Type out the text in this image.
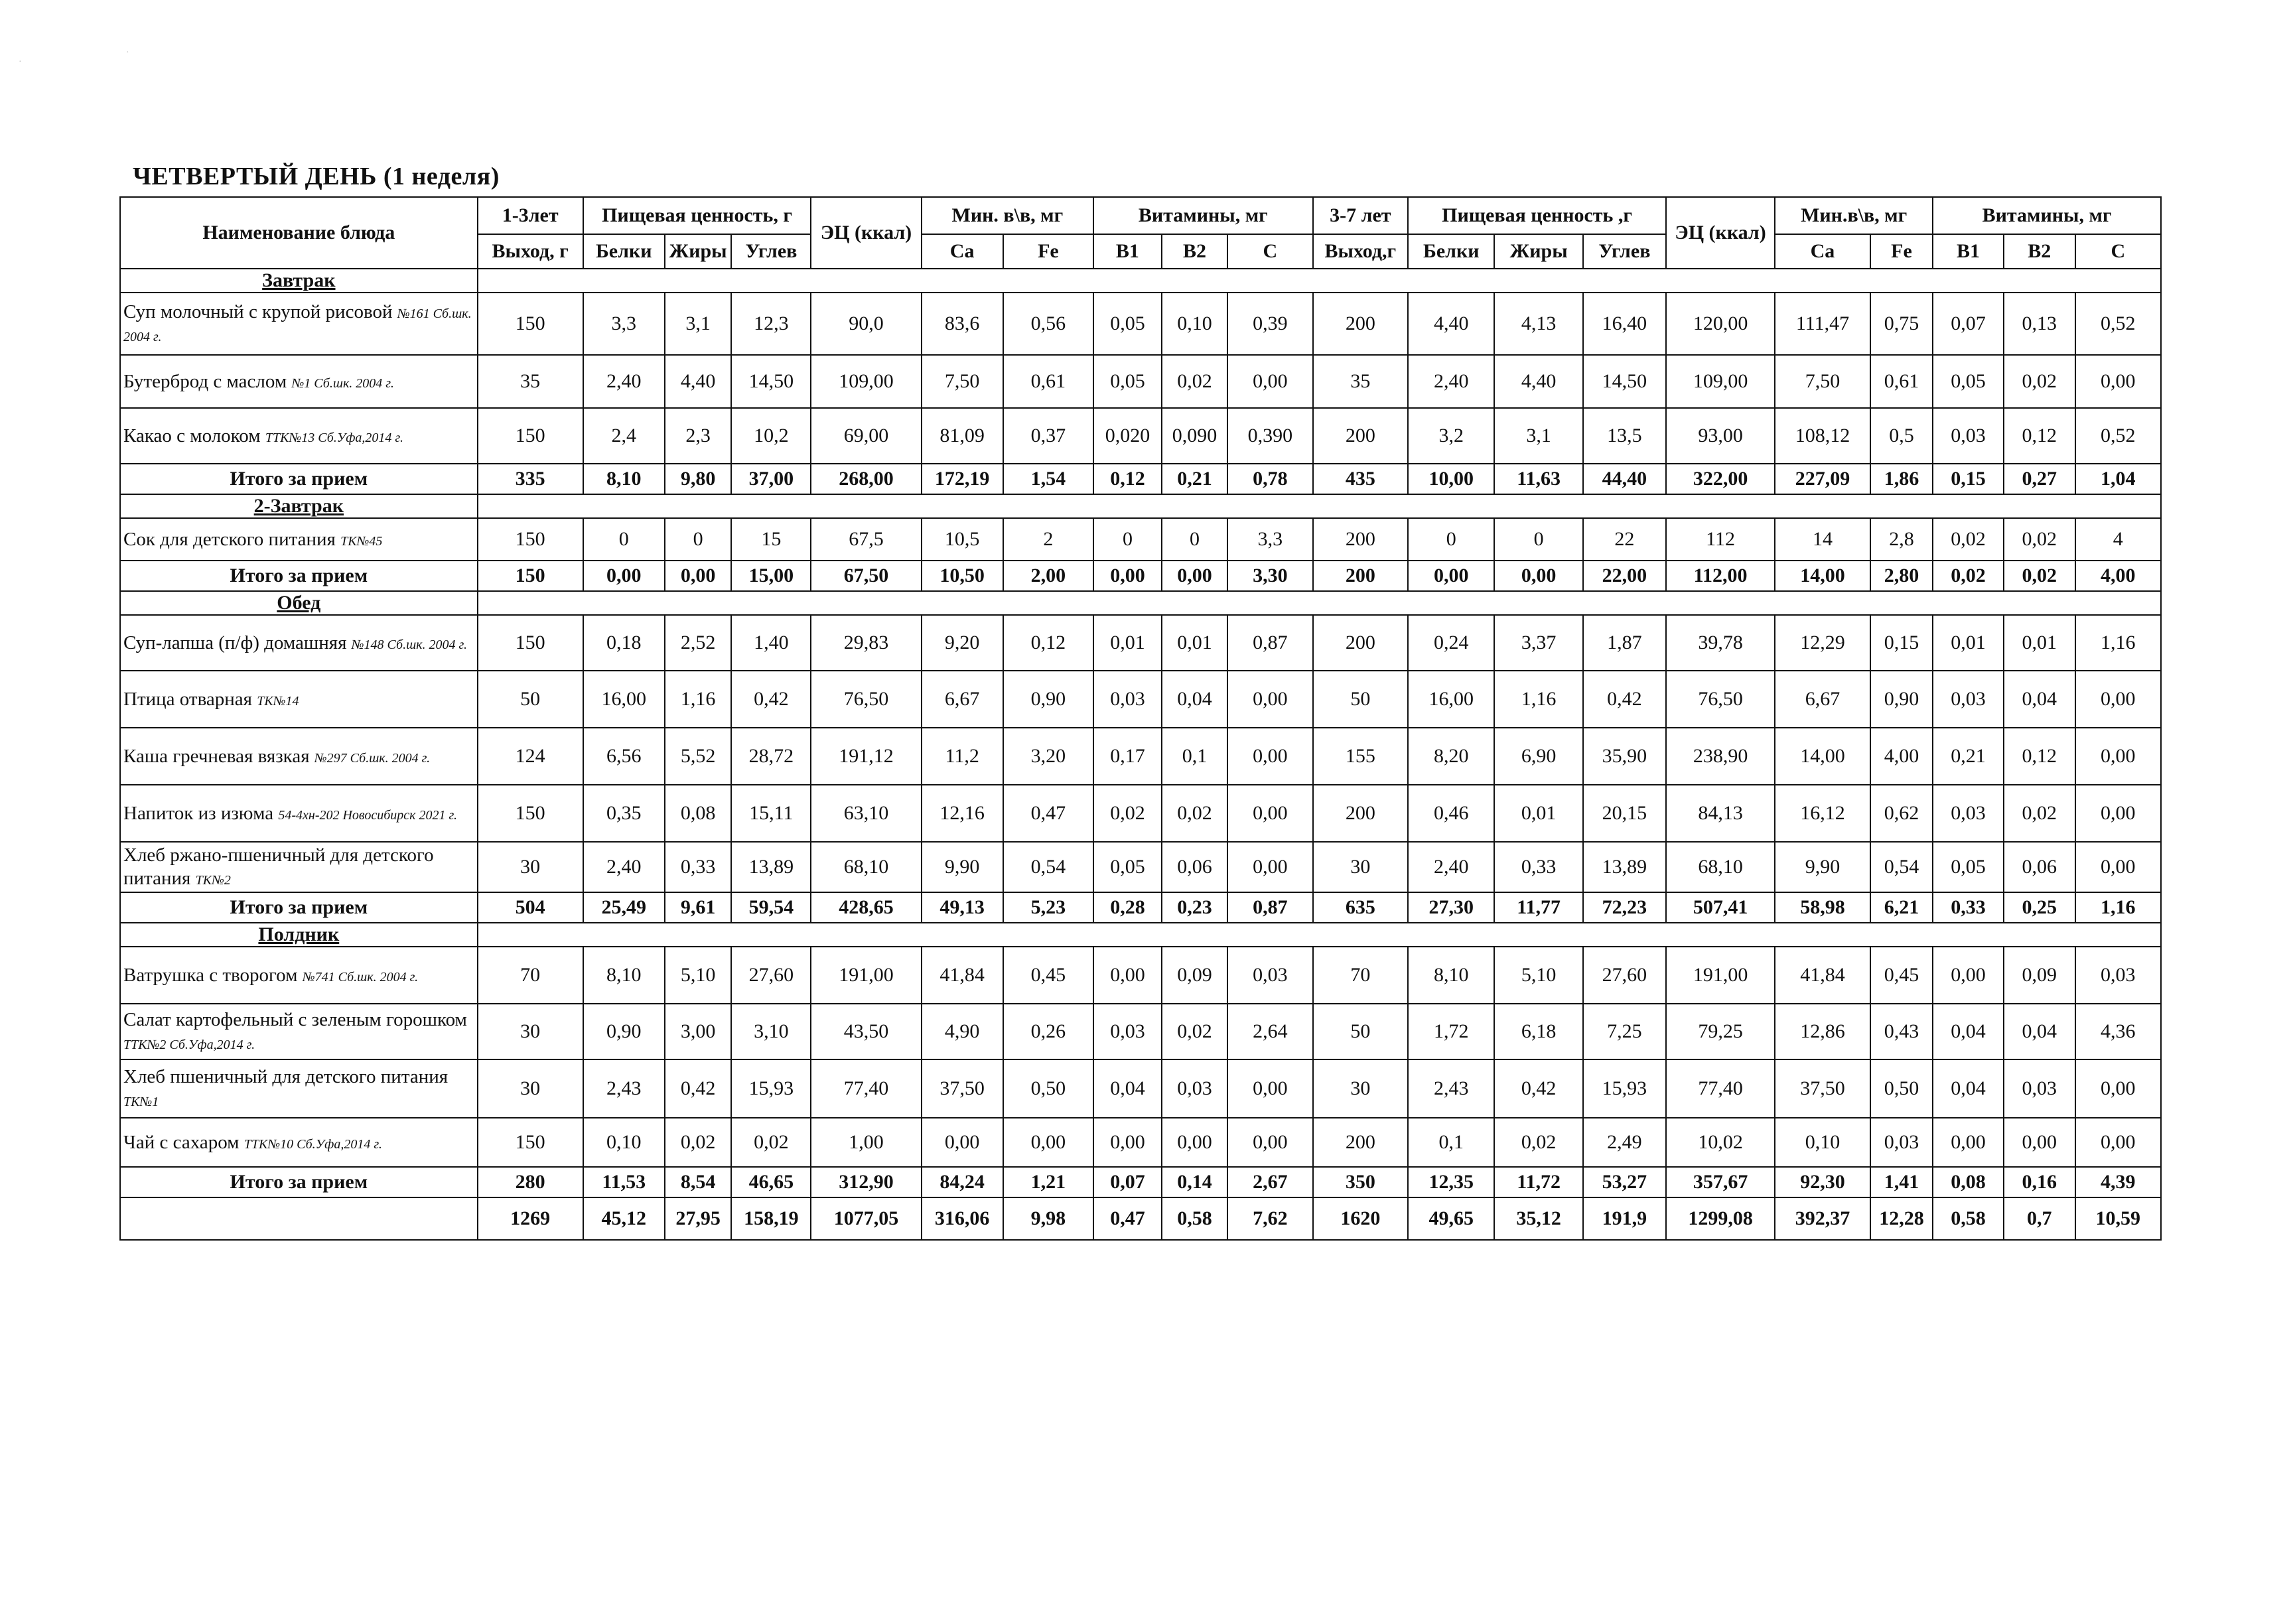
·
·
ЧЕТВЕРТЫЙ ДЕНЬ (1 неделя)
Наименование блюда	1-3лет	Пищевая ценность, г			ЭЦ (ккал)	Мин. в\в, мг		Витамины, мг			3-7 лет	Пищевая ценность ,г			ЭЦ (ккал)	Мин.в\в, мг		Витамины, мг		
	Выход, г	Белки	Жиры	Углев		Ca	Fe	B1	B2	C	Выход,г	Белки	Жиры	Углев		Ca	Fe	B1	B2	C
Завтрак																				
Суп молочный с крупой рисовой №161 Сб.шк. 2004 г.	150	3,3	3,1	12,3	90,0	83,6	0,56	0,05	0,10	0,39	200	4,40	4,13	16,40	120,00	111,47	0,75	0,07	0,13	0,52
Бутерброд с маслом №1 Сб.шк. 2004 г.	35	2,40	4,40	14,50	109,00	7,50	0,61	0,05	0,02	0,00	35	2,40	4,40	14,50	109,00	7,50	0,61	0,05	0,02	0,00
Какао с молоком ТТК№13 Сб.Уфа,2014 г.	150	2,4	2,3	10,2	69,00	81,09	0,37	0,020	0,090	0,390	200	3,2	3,1	13,5	93,00	108,12	0,5	0,03	0,12	0,52
Итого за прием	335	8,10	9,80	37,00	268,00	172,19	1,54	0,12	0,21	0,78	435	10,00	11,63	44,40	322,00	227,09	1,86	0,15	0,27	1,04
2-Завтрак																				
Сок для детского питания ТК№45	150	0	0	15	67,5	10,5	2	0	0	3,3	200	0	0	22	112	14	2,8	0,02	0,02	4
Итого за прием	150	0,00	0,00	15,00	67,50	10,50	2,00	0,00	0,00	3,30	200	0,00	0,00	22,00	112,00	14,00	2,80	0,02	0,02	4,00
Обед																				
Суп-лапша (п/ф) домашняя №148 Сб.шк. 2004 г.	150	0,18	2,52	1,40	29,83	9,20	0,12	0,01	0,01	0,87	200	0,24	3,37	1,87	39,78	12,29	0,15	0,01	0,01	1,16
Птица отварная ТК№14	50	16,00	1,16	0,42	76,50	6,67	0,90	0,03	0,04	0,00	50	16,00	1,16	0,42	76,50	6,67	0,90	0,03	0,04	0,00
Каша гречневая вязкая №297 Сб.шк. 2004 г.	124	6,56	5,52	28,72	191,12	11,2	3,20	0,17	0,1	0,00	155	8,20	6,90	35,90	238,90	14,00	4,00	0,21	0,12	0,00
Напиток из изюма 54-4хн-202 Новосибирск 2021 г.	150	0,35	0,08	15,11	63,10	12,16	0,47	0,02	0,02	0,00	200	0,46	0,01	20,15	84,13	16,12	0,62	0,03	0,02	0,00
Хлеб ржано-пшеничный для детского питания ТК№2	30	2,40	0,33	13,89	68,10	9,90	0,54	0,05	0,06	0,00	30	2,40	0,33	13,89	68,10	9,90	0,54	0,05	0,06	0,00
Итого за прием	504	25,49	9,61	59,54	428,65	49,13	5,23	0,28	0,23	0,87	635	27,30	11,77	72,23	507,41	58,98	6,21	0,33	0,25	1,16
Полдник																				
Ватрушка с творогом №741 Сб.шк. 2004 г.	70	8,10	5,10	27,60	191,00	41,84	0,45	0,00	0,09	0,03	70	8,10	5,10	27,60	191,00	41,84	0,45	0,00	0,09	0,03
Салат картофельный с зеленым горошком ТТК№2 Сб.Уфа,2014 г.	30	0,90	3,00	3,10	43,50	4,90	0,26	0,03	0,02	2,64	50	1,72	6,18	7,25	79,25	12,86	0,43	0,04	0,04	4,36
Хлеб пшеничный для детского питания ТК№1	30	2,43	0,42	15,93	77,40	37,50	0,50	0,04	0,03	0,00	30	2,43	0,42	15,93	77,40	37,50	0,50	0,04	0,03	0,00
Чай с сахаром ТТК№10 Сб.Уфа,2014 г.	150	0,10	0,02	0,02	1,00	0,00	0,00	0,00	0,00	0,00	200	0,1	0,02	2,49	10,02	0,10	0,03	0,00	0,00	0,00
Итого за прием	280	11,53	8,54	46,65	312,90	84,24	1,21	0,07	0,14	2,67	350	12,35	11,72	53,27	357,67	92,30	1,41	0,08	0,16	4,39
	1269	45,12	27,95	158,19	1077,05	316,06	9,98	0,47	0,58	7,62	1620	49,65	35,12	191,9	1299,08	392,37	12,28	0,58	0,7	10,59
